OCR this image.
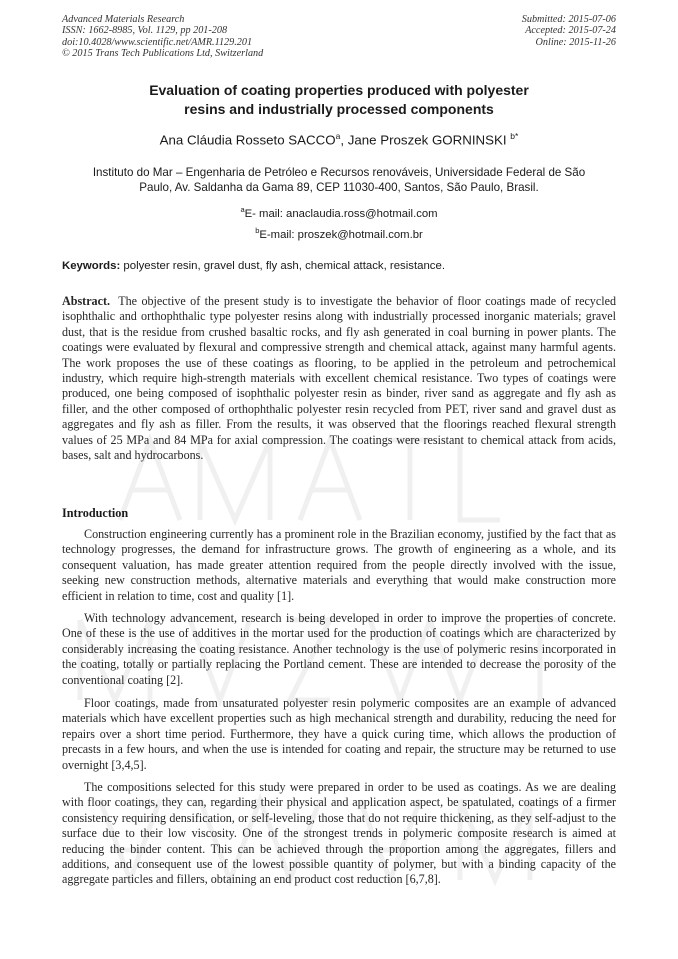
Advanced Materials Research
ISSN: 1662-8985, Vol. 1129, pp 201-208
doi:10.4028/www.scientific.net/AMR.1129.201
© 2015 Trans Tech Publications Ltd, Switzerland
Submitted: 2015-07-06
Accepted: 2015-07-24
Online: 2015-11-26
Evaluation of coating properties produced with polyester
resins and industrially processed components
Ana Cláudia Rosseto SACCO$^a$, Jane Proszek GORNINSKI $^{b*}$
Instituto do Mar – Engenharia de Petróleo e Recursos renováveis, Universidade Federal de São
Paulo, Av. Saldanha da Gama 89, CEP 11030-400, Santos, São Paulo, Brasil.
$^a$E- mail: anaclaudia.ross@hotmail.com
$^b$E-mail: proszek@hotmail.com.br
Keywords: polyester resin, gravel dust, fly ash, chemical attack, resistance.
Abstract. The objective of the present study is to investigate the behavior of floor coatings made of recycled isophthalic and orthophthalic type polyester resins along with industrially processed inorganic materials; gravel dust, that is the residue from crushed basaltic rocks, and fly ash generated in coal burning in power plants. The coatings were evaluated by flexural and compressive strength and chemical attack, against many harmful agents. The work proposes the use of these coatings as flooring, to be applied in the petroleum and petrochemical industry, which require high-strength materials with excellent chemical resistance. Two types of coatings were produced, one being composed of isophthalic polyester resin as binder, river sand as aggregate and fly ash as filler, and the other composed of orthophthalic polyester resin recycled from PET, river sand and gravel dust as aggregates and fly ash as filler. From the results, it was observed that the floorings reached flexural strength values of 25 MPa and 84 MPa for axial compression. The coatings were resistant to chemical attack from acids, bases, salt and hydrocarbons.
Introduction
Construction engineering currently has a prominent role in the Brazilian economy, justified by the fact that as technology progresses, the demand for infrastructure grows. The growth of engineering as a whole, and its consequent valuation, has made greater attention required from the people directly involved with the issue, seeking new construction methods, alternative materials and everything that would make construction more efficient in relation to time, cost and quality [1].
With technology advancement, research is being developed in order to improve the properties of concrete. One of these is the use of additives in the mortar used for the production of coatings which are characterized by considerably increasing the coating resistance. Another technology is the use of polymeric resins incorporated in the coating, totally or partially replacing the Portland cement. These are intended to decrease the porosity of the conventional coating [2].
Floor coatings, made from unsaturated polyester resin polymeric composites are an example of advanced materials which have excellent properties such as high mechanical strength and durability, reducing the need for repairs over a short time period. Furthermore, they have a quick curing time, which allows the production of precasts in a few hours, and when the use is intended for coating and repair, the structure may be returned to use overnight [3,4,5].
The compositions selected for this study were prepared in order to be used as coatings. As we are dealing with floor coatings, they can, regarding their physical and application aspect, be spatulated, coatings of a firmer consistency requiring densification, or self-leveling, those that do not require thickening, as they self-adjust to the surface due to their low viscosity. One of the strongest trends in polymeric composite research is aimed at reducing the binder content. This can be achieved through the proportion among the aggregates, fillers and additions, and consequent use of the lowest possible quantity of polymer, but with a binding capacity of the aggregate particles and fillers, obtaining an end product cost reduction [6,7,8].
